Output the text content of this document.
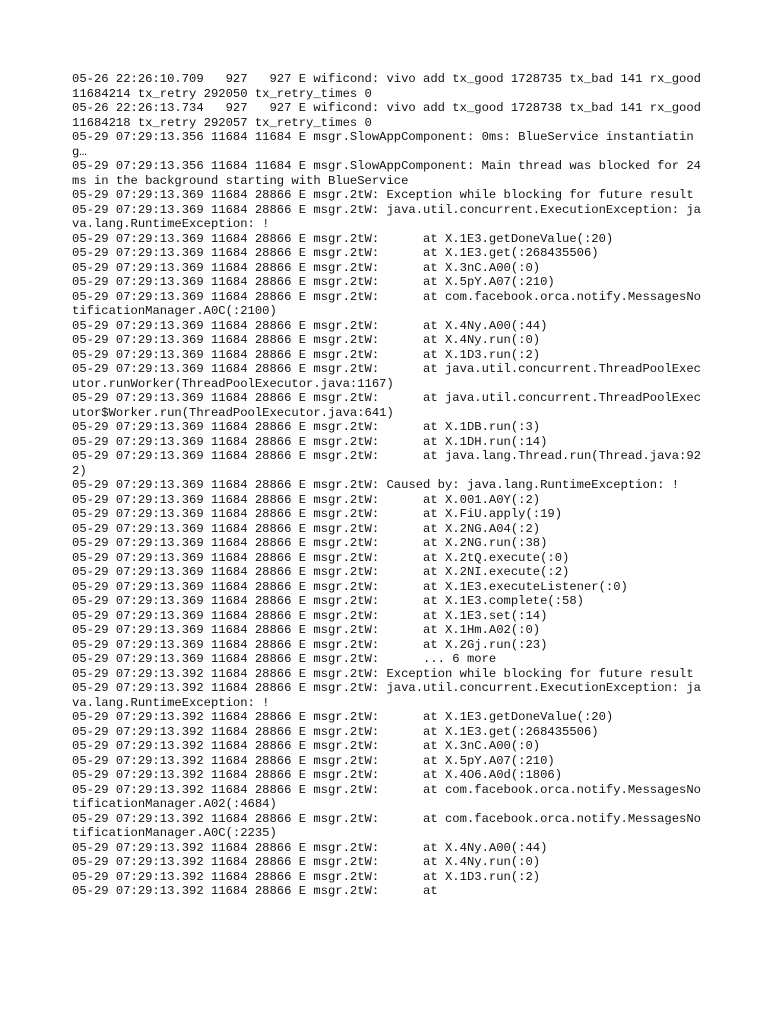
05-26 22:26:10.709   927   927 E wificond: vivo add tx_good 1728735 tx_bad 141 rx_good 11684214 tx_retry 292050 tx_retry_times 0

05-26 22:26:13.734   927   927 E wificond: vivo add tx_good 1728738 tx_bad 141 rx_good 11684218 tx_retry 292057 tx_retry_times 0

05-29 07:29:13.356 11684 11684 E msgr.SlowAppComponent: 0ms: BlueService instantiating…

05-29 07:29:13.356 11684 11684 E msgr.SlowAppComponent: Main thread was blocked for 24ms in the background starting with BlueService

05-29 07:29:13.369 11684 28866 E msgr.2tW: Exception while blocking for future result

05-29 07:29:13.369 11684 28866 E msgr.2tW: java.util.concurrent.ExecutionException: java.lang.RuntimeException: !

05-29 07:29:13.369 11684 28866 E msgr.2tW:      at X.1E3.getDoneValue(:20)

05-29 07:29:13.369 11684 28866 E msgr.2tW:      at X.1E3.get(:268435506)

05-29 07:29:13.369 11684 28866 E msgr.2tW:      at X.3nC.A00(:0)

05-29 07:29:13.369 11684 28866 E msgr.2tW:      at X.5pY.A07(:210)

05-29 07:29:13.369 11684 28866 E msgr.2tW:      at com.facebook.orca.notify.MessagesNotificationManager.A0C(:2100)

05-29 07:29:13.369 11684 28866 E msgr.2tW:      at X.4Ny.A00(:44)

05-29 07:29:13.369 11684 28866 E msgr.2tW:      at X.4Ny.run(:0)

05-29 07:29:13.369 11684 28866 E msgr.2tW:      at X.1D3.run(:2)

05-29 07:29:13.369 11684 28866 E msgr.2tW:      at java.util.concurrent.ThreadPoolExecutor.runWorker(ThreadPoolExecutor.java:1167)

05-29 07:29:13.369 11684 28866 E msgr.2tW:      at java.util.concurrent.ThreadPoolExecutor$Worker.run(ThreadPoolExecutor.java:641)

05-29 07:29:13.369 11684 28866 E msgr.2tW:      at X.1DB.run(:3)

05-29 07:29:13.369 11684 28866 E msgr.2tW:      at X.1DH.run(:14)

05-29 07:29:13.369 11684 28866 E msgr.2tW:      at java.lang.Thread.run(Thread.java:922)

05-29 07:29:13.369 11684 28866 E msgr.2tW: Caused by: java.lang.RuntimeException: !

05-29 07:29:13.369 11684 28866 E msgr.2tW:      at X.001.A0Y(:2)

05-29 07:29:13.369 11684 28866 E msgr.2tW:      at X.FiU.apply(:19)

05-29 07:29:13.369 11684 28866 E msgr.2tW:      at X.2NG.A04(:2)

05-29 07:29:13.369 11684 28866 E msgr.2tW:      at X.2NG.run(:38)

05-29 07:29:13.369 11684 28866 E msgr.2tW:      at X.2tQ.execute(:0)

05-29 07:29:13.369 11684 28866 E msgr.2tW:      at X.2NI.execute(:2)

05-29 07:29:13.369 11684 28866 E msgr.2tW:      at X.1E3.executeListener(:0)

05-29 07:29:13.369 11684 28866 E msgr.2tW:      at X.1E3.complete(:58)

05-29 07:29:13.369 11684 28866 E msgr.2tW:      at X.1E3.set(:14)

05-29 07:29:13.369 11684 28866 E msgr.2tW:      at X.1Hm.A02(:0)

05-29 07:29:13.369 11684 28866 E msgr.2tW:      at X.2Gj.run(:23)

05-29 07:29:13.369 11684 28866 E msgr.2tW:      ... 6 more

05-29 07:29:13.392 11684 28866 E msgr.2tW: Exception while blocking for future result

05-29 07:29:13.392 11684 28866 E msgr.2tW: java.util.concurrent.ExecutionException: java.lang.RuntimeException: !

05-29 07:29:13.392 11684 28866 E msgr.2tW:      at X.1E3.getDoneValue(:20)

05-29 07:29:13.392 11684 28866 E msgr.2tW:      at X.1E3.get(:268435506)

05-29 07:29:13.392 11684 28866 E msgr.2tW:      at X.3nC.A00(:0)

05-29 07:29:13.392 11684 28866 E msgr.2tW:      at X.5pY.A07(:210)

05-29 07:29:13.392 11684 28866 E msgr.2tW:      at X.4O6.A0d(:1806)

05-29 07:29:13.392 11684 28866 E msgr.2tW:      at com.facebook.orca.notify.MessagesNotificationManager.A02(:4684)

05-29 07:29:13.392 11684 28866 E msgr.2tW:      at com.facebook.orca.notify.MessagesNotificationManager.A0C(:2235)

05-29 07:29:13.392 11684 28866 E msgr.2tW:      at X.4Ny.A00(:44)

05-29 07:29:13.392 11684 28866 E msgr.2tW:      at X.4Ny.run(:0)

05-29 07:29:13.392 11684 28866 E msgr.2tW:      at X.1D3.run(:2)

05-29 07:29:13.392 11684 28866 E msgr.2tW:      at
